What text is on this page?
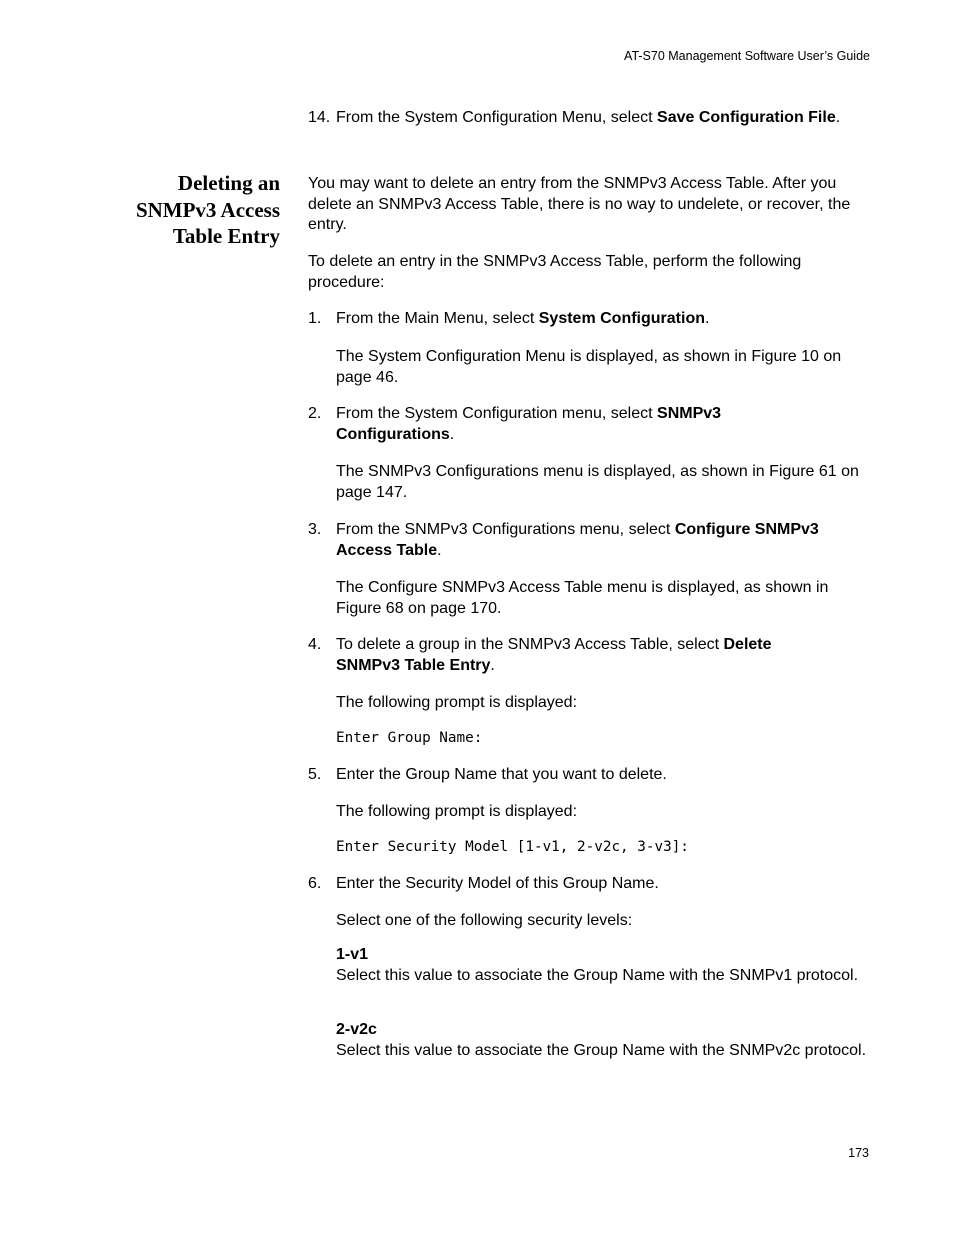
AT-S70 Management Software User’s Guide
14. From the System Configuration Menu, select Save Configuration File.
Deleting an
SNMPv3 Access
Table Entry
You may want to delete an entry from the SNMPv3 Access Table. After you delete an SNMPv3 Access Table, there is no way to undelete, or recover, the entry.
To delete an entry in the SNMPv3 Access Table, perform the following procedure:
1. From the Main Menu, select System Configuration.
The System Configuration Menu is displayed, as shown in Figure 10 on page 46.
2. From the System Configuration menu, select SNMPv3 Configurations.
The SNMPv3 Configurations menu is displayed, as shown in Figure 61 on page 147.
3. From the SNMPv3 Configurations menu, select Configure SNMPv3 Access Table.
The Configure SNMPv3 Access Table menu is displayed, as shown in Figure 68 on page 170.
4. To delete a group in the SNMPv3 Access Table, select Delete SNMPv3 Table Entry.
The following prompt is displayed:
Enter Group Name:
5. Enter the Group Name that you want to delete.
The following prompt is displayed:
Enter Security Model [1-v1, 2-v2c, 3-v3]:
6. Enter the Security Model of this Group Name.
Select one of the following security levels:
1-v1
Select this value to associate the Group Name with the SNMPv1 protocol.
2-v2c
Select this value to associate the Group Name with the SNMPv2c protocol.
173
